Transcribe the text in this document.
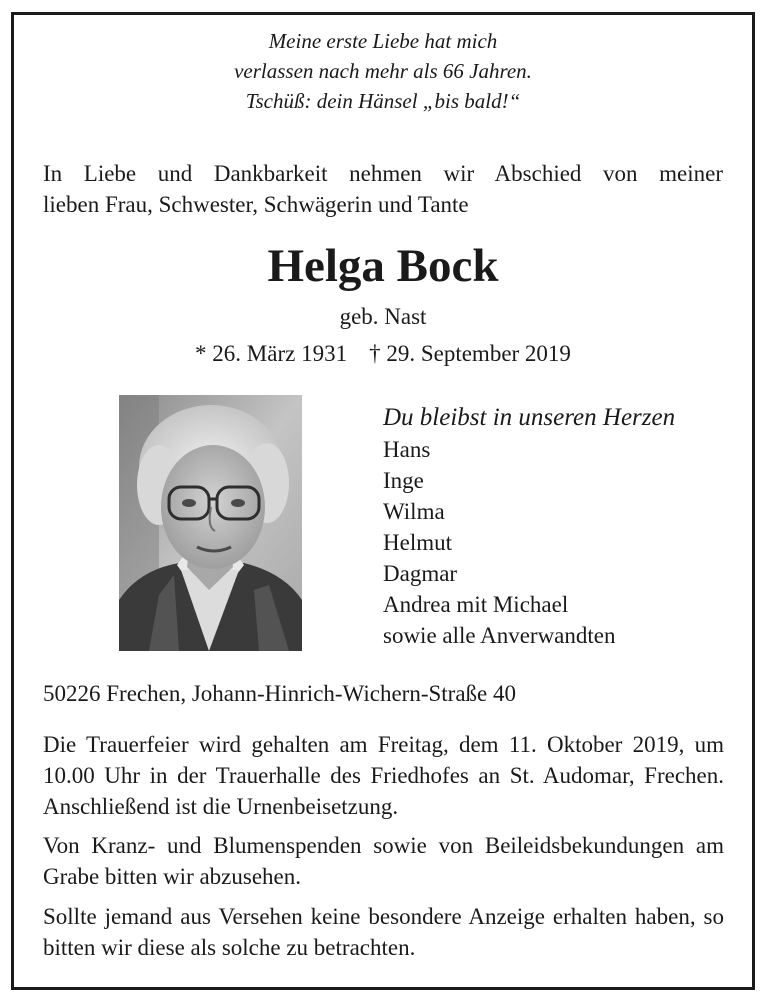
Meine erste Liebe hat mich
verlassen nach mehr als 66 Jahren.
Tschüß: dein Hänsel „bis bald!“
In Liebe und Dankbarkeit nehmen wir Abschied von meiner
lieben Frau, Schwester, Schwägerin und Tante
Helga Bock
geb. Nast
* 26. März 1931 † 29. September 2019
Du bleibst in unseren Herzen
Hans
Inge
Wilma
Helmut
Dagmar
Andrea mit Michael
sowie alle Anverwandten
50226 Frechen, Johann-Hinrich-Wichern-Straße 40
Die Trauerfeier wird gehalten am Freitag, dem 11. Oktober 2019, um 10.00 Uhr in der Trauerhalle des Friedhofes an St. Audomar, Frechen. Anschließend ist die Urnenbeisetzung.
Von Kranz- und Blumenspenden sowie von Beileidsbekundungen am Grabe bitten wir abzusehen.
Sollte jemand aus Versehen keine besondere Anzeige erhalten haben, so bitten wir diese als solche zu betrachten.
